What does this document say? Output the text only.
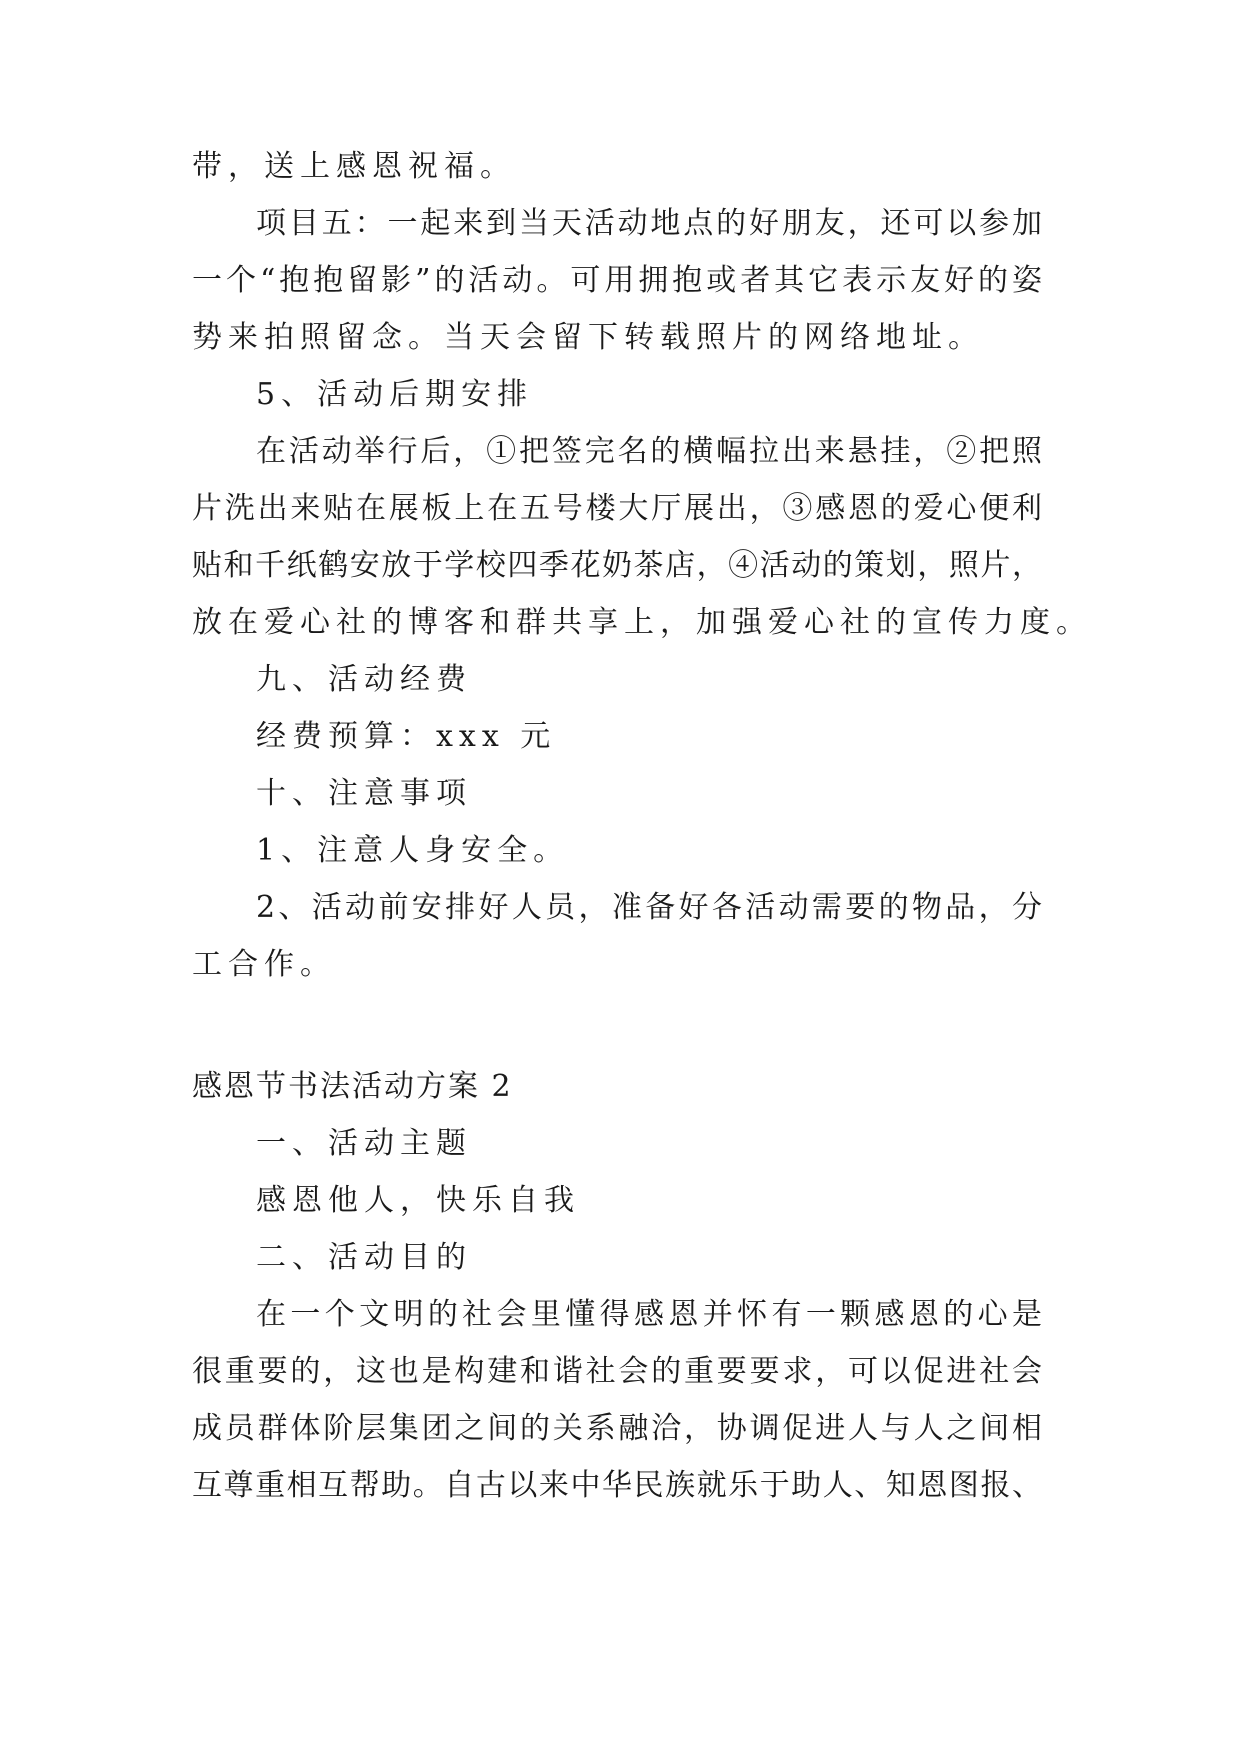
带，送上感恩祝福。
项目五：一起来到当天活动地点的好朋友，还可以参加
一个“抱抱留影”的活动。可用拥抱或者其它表示友好的姿
势来拍照留念。当天会留下转载照片的网络地址。
5、活动后期安排
在活动举行后，①把签完名的横幅拉出来悬挂，②把照
片洗出来贴在展板上在五号楼大厅展出，③感恩的爱心便利
贴和千纸鹤安放于学校四季花奶茶店，④活动的策划，照片，
放在爱心社的博客和群共享上，加强爱心社的宣传力度。
九、活动经费
经费预算：xxx 元
十、注意事项
1、注意人身安全。
2、活动前安排好人员，准备好各活动需要的物品，分
工合作。
感恩节书法活动方案 2
一、活动主题
感恩他人，快乐自我
二、活动目的
在一个文明的社会里懂得感恩并怀有一颗感恩的心是
很重要的，这也是构建和谐社会的重要要求，可以促进社会
成员群体阶层集团之间的关系融洽，协调促进人与人之间相
互尊重相互帮助。自古以来中华民族就乐于助人、知恩图报、
